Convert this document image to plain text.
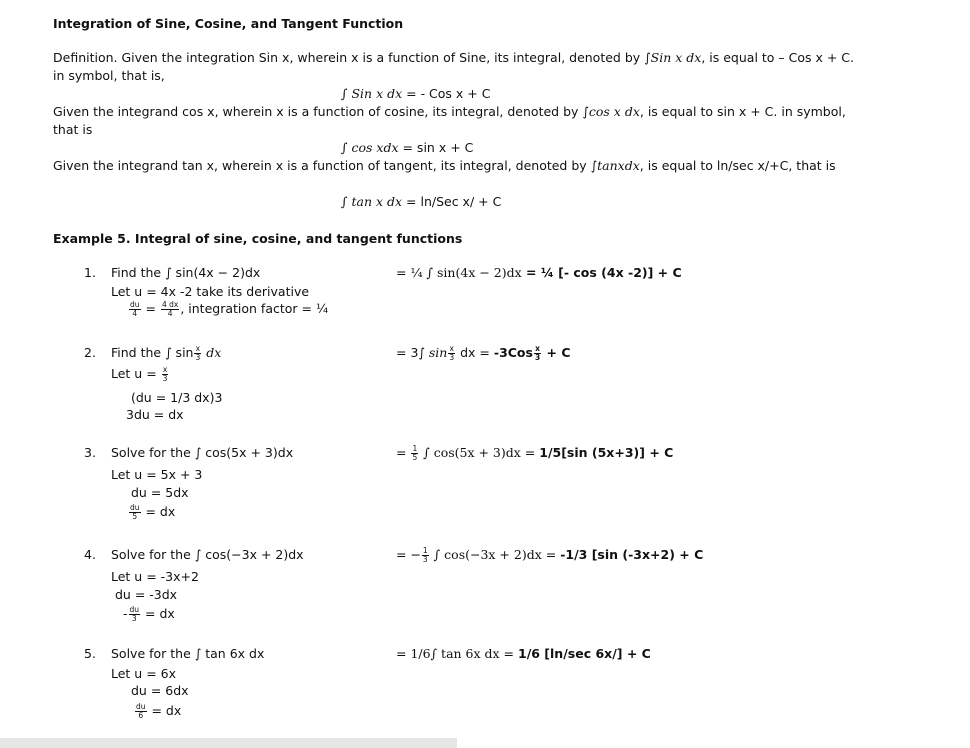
Integration of Sine, Cosine, and Tangent Function
Definition. Given the integration Sin x, wherein x is a function of Sine, its integral, denoted by ∫Sin x dx, is equal to – Cos x + C.
in symbol, that is,
∫ Sin x dx = - Cos x + C
Given the integrand cos x, wherein x is a function of cosine, its integral, denoted by ∫cos x dx, is equal to sin x + C. in symbol,
that is
∫ cos xdx = sin x + C
Given the integrand tan x, wherein x is a function of tangent, its integral, denoted by ∫tanxdx, is equal to ln/sec x/+C, that is
∫ tan x dx = ln/Sec x/ + C
Example 5. Integral of sine, cosine, and tangent functions
1. Find the ∫ sin(4x − 2)dx	= ¼ ∫ sin(4x − 2)dx = ¼ [- cos (4x -2)] + C
Let u = 4x -2 take its derivative
$\frac{du}{4} = \frac{4 dx}{4}$ , integration factor = ¼
2. Find the ∫ $\sin \frac{x}{3}$ dx	= 3∫ $\sin \frac{x}{3}$ dx = $-3Cos \frac{x}{3} + C$
Let $u = \frac{x}{3}$
(du = 1/3 dx)3
3du = dx
3. Solve for the ∫ cos(5x + 3)dx	= $\frac{1}{5}$ ∫ cos(5x + 3)dx = 1/5[sin (5x+3)] + C
Let u = 5x + 3
du = 5dx
$\frac{du}{5}$ = dx
4. Solve for the ∫ cos(−3x + 2)dx	= − $\frac{1}{3}$ ∫ cos(−3x + 2)dx = -1/3 [sin (-3x+2) + C
Let u = -3x+2
du = -3dx
- $\frac{du}{3}$ = dx
5. Solve for the ∫ tan 6x dx	= 1/6∫ tan 6x dx = 1/6 [ln/sec 6x/] + C
Let u = 6x
du = 6dx
$\frac{du}{6}$ = dx
